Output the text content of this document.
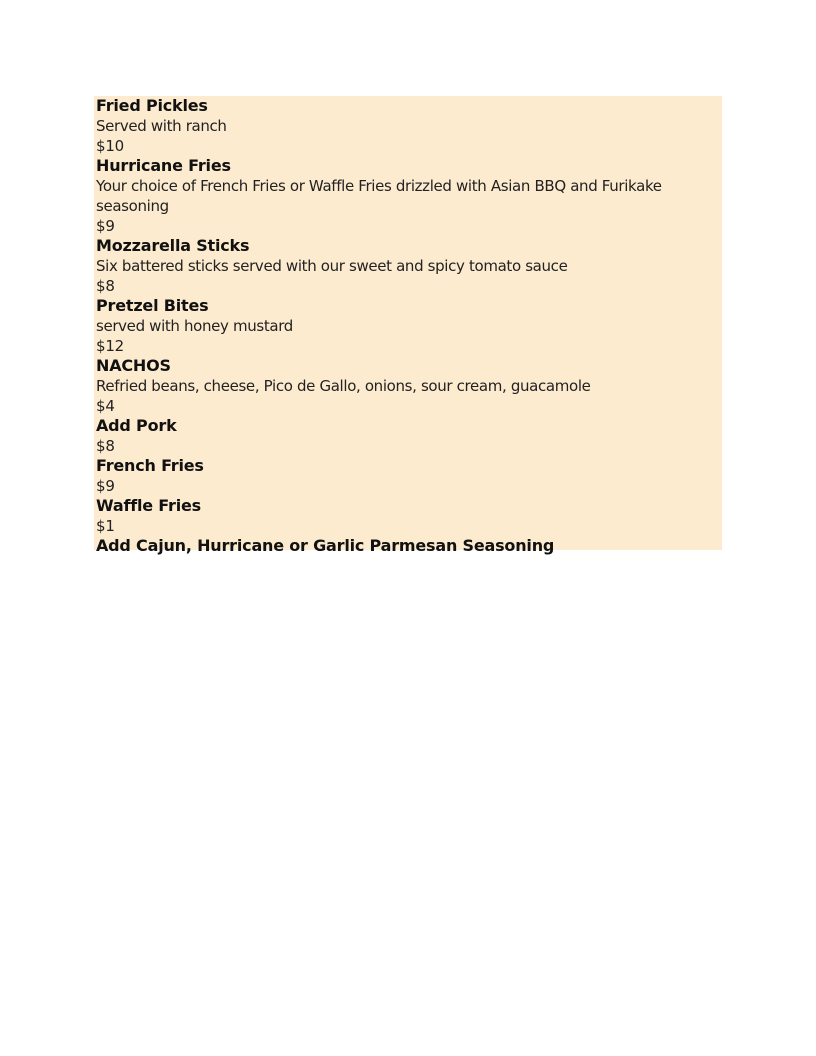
Fried Pickles
Served with ranch
$10
Hurricane Fries
Your choice of French Fries or Waffle Fries drizzled with Asian BBQ and Furikake seasoning
$9
Mozzarella Sticks
Six battered sticks served with our sweet and spicy tomato sauce
$8
Pretzel Bites
served with honey mustard
$12
NACHOS
Refried beans, cheese, Pico de Gallo, onions, sour cream, guacamole
$4
Add Pork
$8
French Fries
$9
Waffle Fries
$1
Add Cajun, Hurricane or Garlic Parmesan Seasoning
